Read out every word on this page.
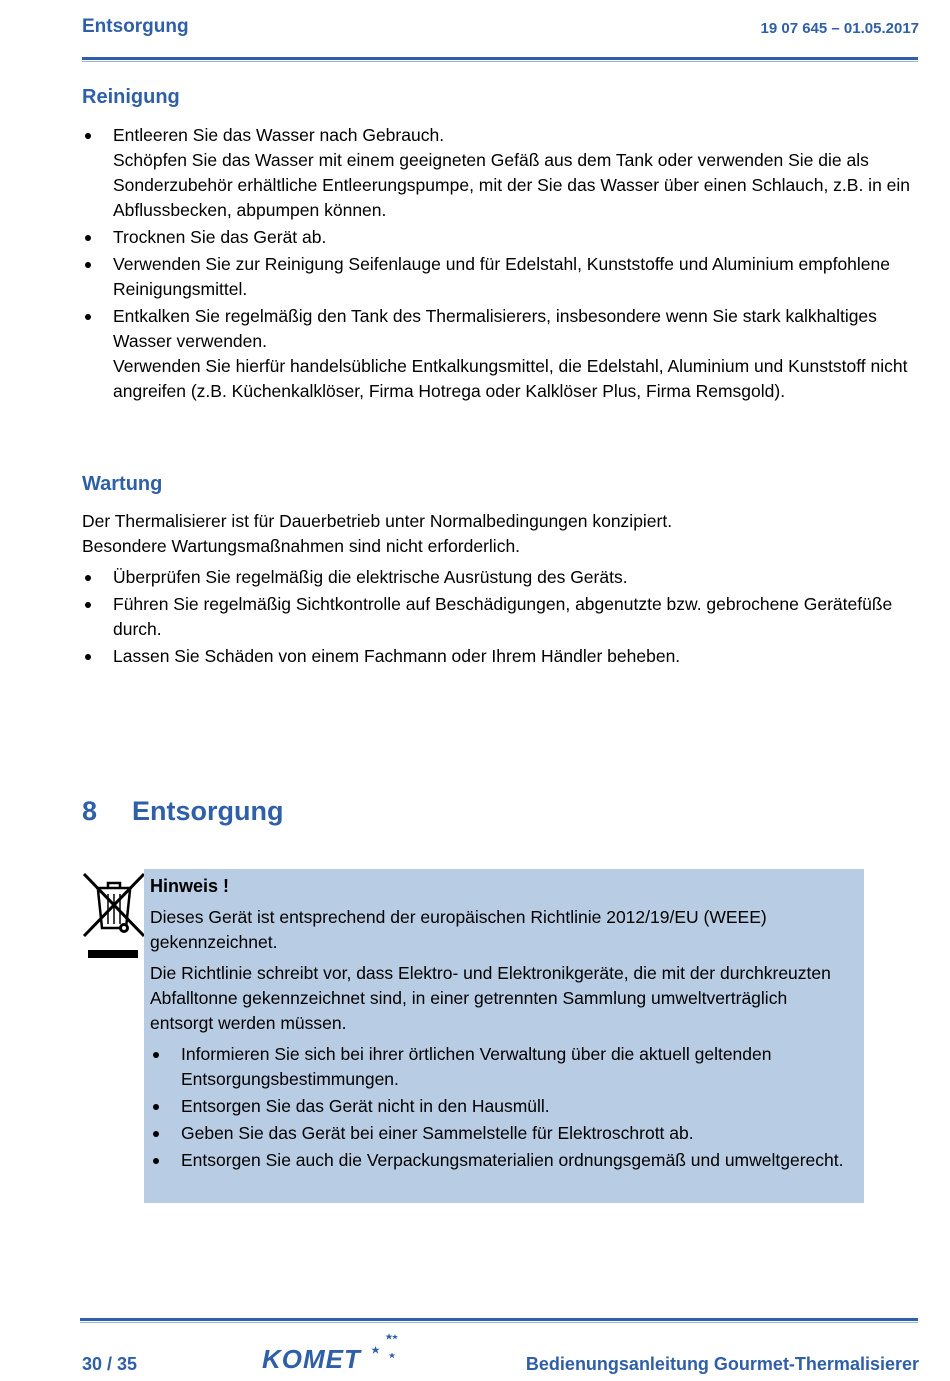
Entsorgung	19 07 645 – 01.05.2017
Reinigung
Entleeren Sie das Wasser nach Gebrauch.
Schöpfen Sie das Wasser mit einem geeigneten Gefäß aus dem Tank oder verwenden Sie die als Sonderzubehör erhältliche Entleerungspumpe, mit der Sie das Wasser über einen Schlauch, z.B. in ein Abflussbecken, abpumpen können.
Trocknen Sie das Gerät ab.
Verwenden Sie zur Reinigung Seifenlauge und für Edelstahl, Kunststoffe und Aluminium empfohlene Reinigungsmittel.
Entkalken Sie regelmäßig den Tank des Thermalisierers, insbesondere wenn Sie stark kalkhaltiges Wasser verwenden.
Verwenden Sie hierfür handelsübliche Entkalkungsmittel, die Edelstahl, Aluminium und Kunststoff nicht angreifen (z.B. Küchenkalklöser, Firma Hotrega oder Kalklöser Plus, Firma Remsgold).
Wartung

Der Thermalisierer ist für Dauerbetrieb unter Normalbedingungen konzipiert.

Besondere Wartungsmaßnahmen sind nicht erforderlich.

Überprüfen Sie regelmäßig die elektrische Ausrüstung des Geräts.
Führen Sie regelmäßig Sichtkontrolle auf Beschädigungen, abgenutzte bzw. gebrochene Gerätefüße durch.
Lassen Sie Schäden von einem Fachmann oder Ihrem Händler beheben.
8 Entsorgung
Hinweis !

Dieses Gerät ist entsprechend der europäischen Richtlinie 2012/19/EU (WEEE) gekennzeichnet.

Die Richtlinie schreibt vor, dass Elektro- und Elektronikgeräte, die mit der durchkreuzten Abfalltonne gekennzeichnet sind, in einer getrennten Sammlung umweltverträglich entsorgt werden müssen.

Informieren Sie sich bei ihrer örtlichen Verwaltung über die aktuell geltenden Entsorgungsbestimmungen.
Entsorgen Sie das Gerät nicht in den Hausmüll.
Geben Sie das Gerät bei einer Sammelstelle für Elektroschrott ab.
Entsorgen Sie auch die Verpackungsmaterialien ordnungsgemäß und umweltgerecht.
30 / 35	KOMET	Bedienungsanleitung Gourmet-Thermalisierer
